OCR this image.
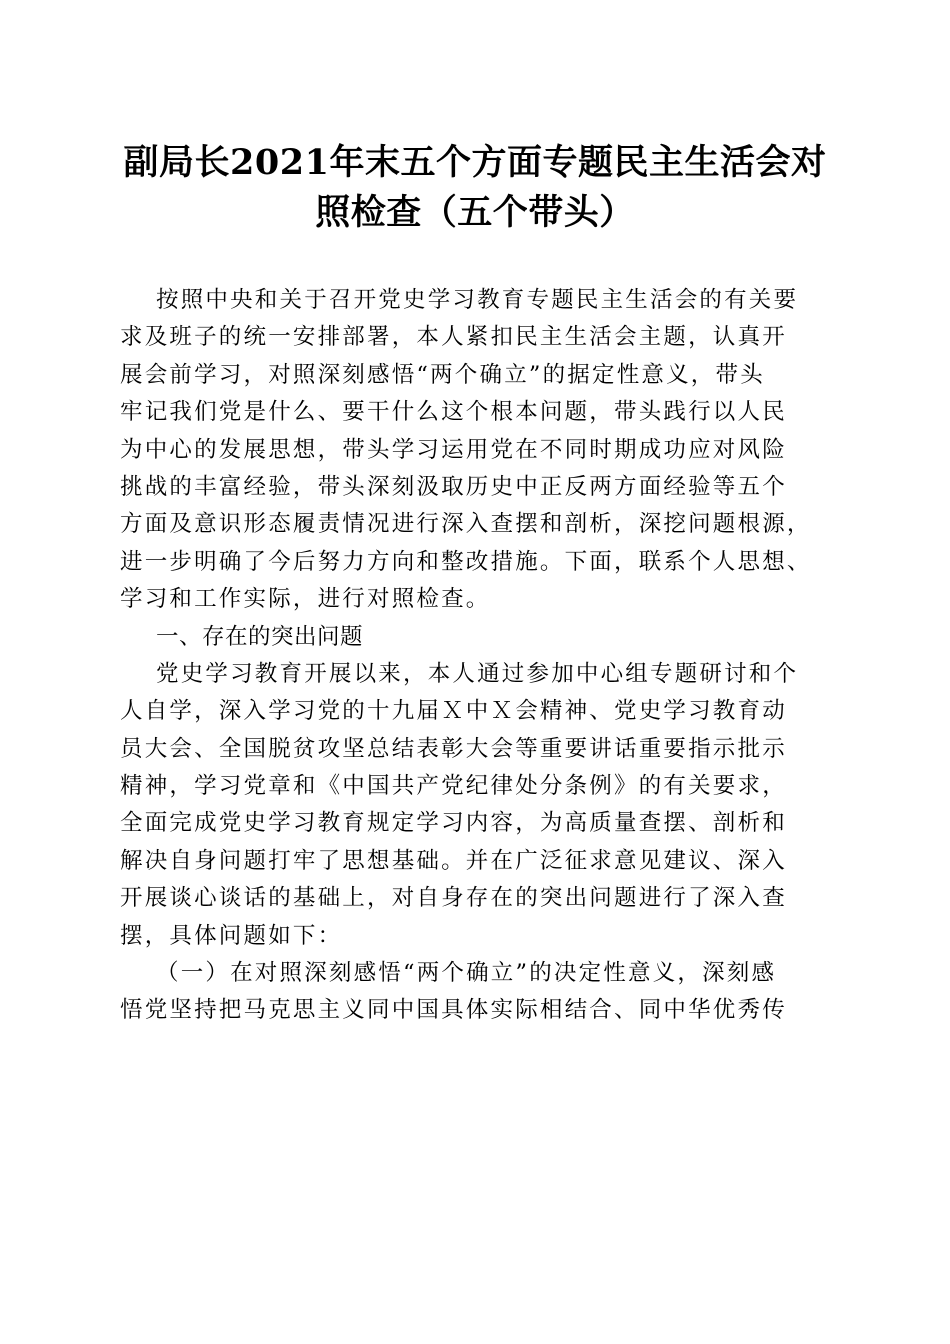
副局长2021年末五个方面专题民主生活会对
照检查（五个带头）
按照中央和关于召开党史学习教育专题民主生活会的有关要
求及班子的统一安排部署，本人紧扣民主生活会主题，认真开
展会前学习，对照深刻感悟“两个确立”的据定性意义，带头
牢记我们党是什么、要干什么这个根本问题，带头践行以人民
为中心的发展思想，带头学习运用党在不同时期成功应对风险
挑战的丰富经验，带头深刻汲取历史中正反两方面经验等五个
方面及意识形态履责情况进行深入查摆和剖析，深挖问题根源，
进一步明确了今后努力方向和整改措施。下面，联系个人思想、
学习和工作实际，进行对照检查。
一、存在的突出问题
党史学习教育开展以来，本人通过参加中心组专题研讨和个
人自学，深入学习党的十九届Ｘ中Ｘ会精神、党史学习教育动
员大会、全国脱贫攻坚总结表彰大会等重要讲话重要指示批示
精神，学习党章和《中国共产党纪律处分条例》的有关要求，
全面完成党史学习教育规定学习内容，为高质量查摆、剖析和
解决自身问题打牢了思想基础。并在广泛征求意见建议、深入
开展谈心谈话的基础上，对自身存在的突出问题进行了深入查
摆，具体问题如下：
（一）在对照深刻感悟“两个确立”的决定性意义，深刻感
悟党坚持把马克思主义同中国具体实际相结合、同中华优秀传
